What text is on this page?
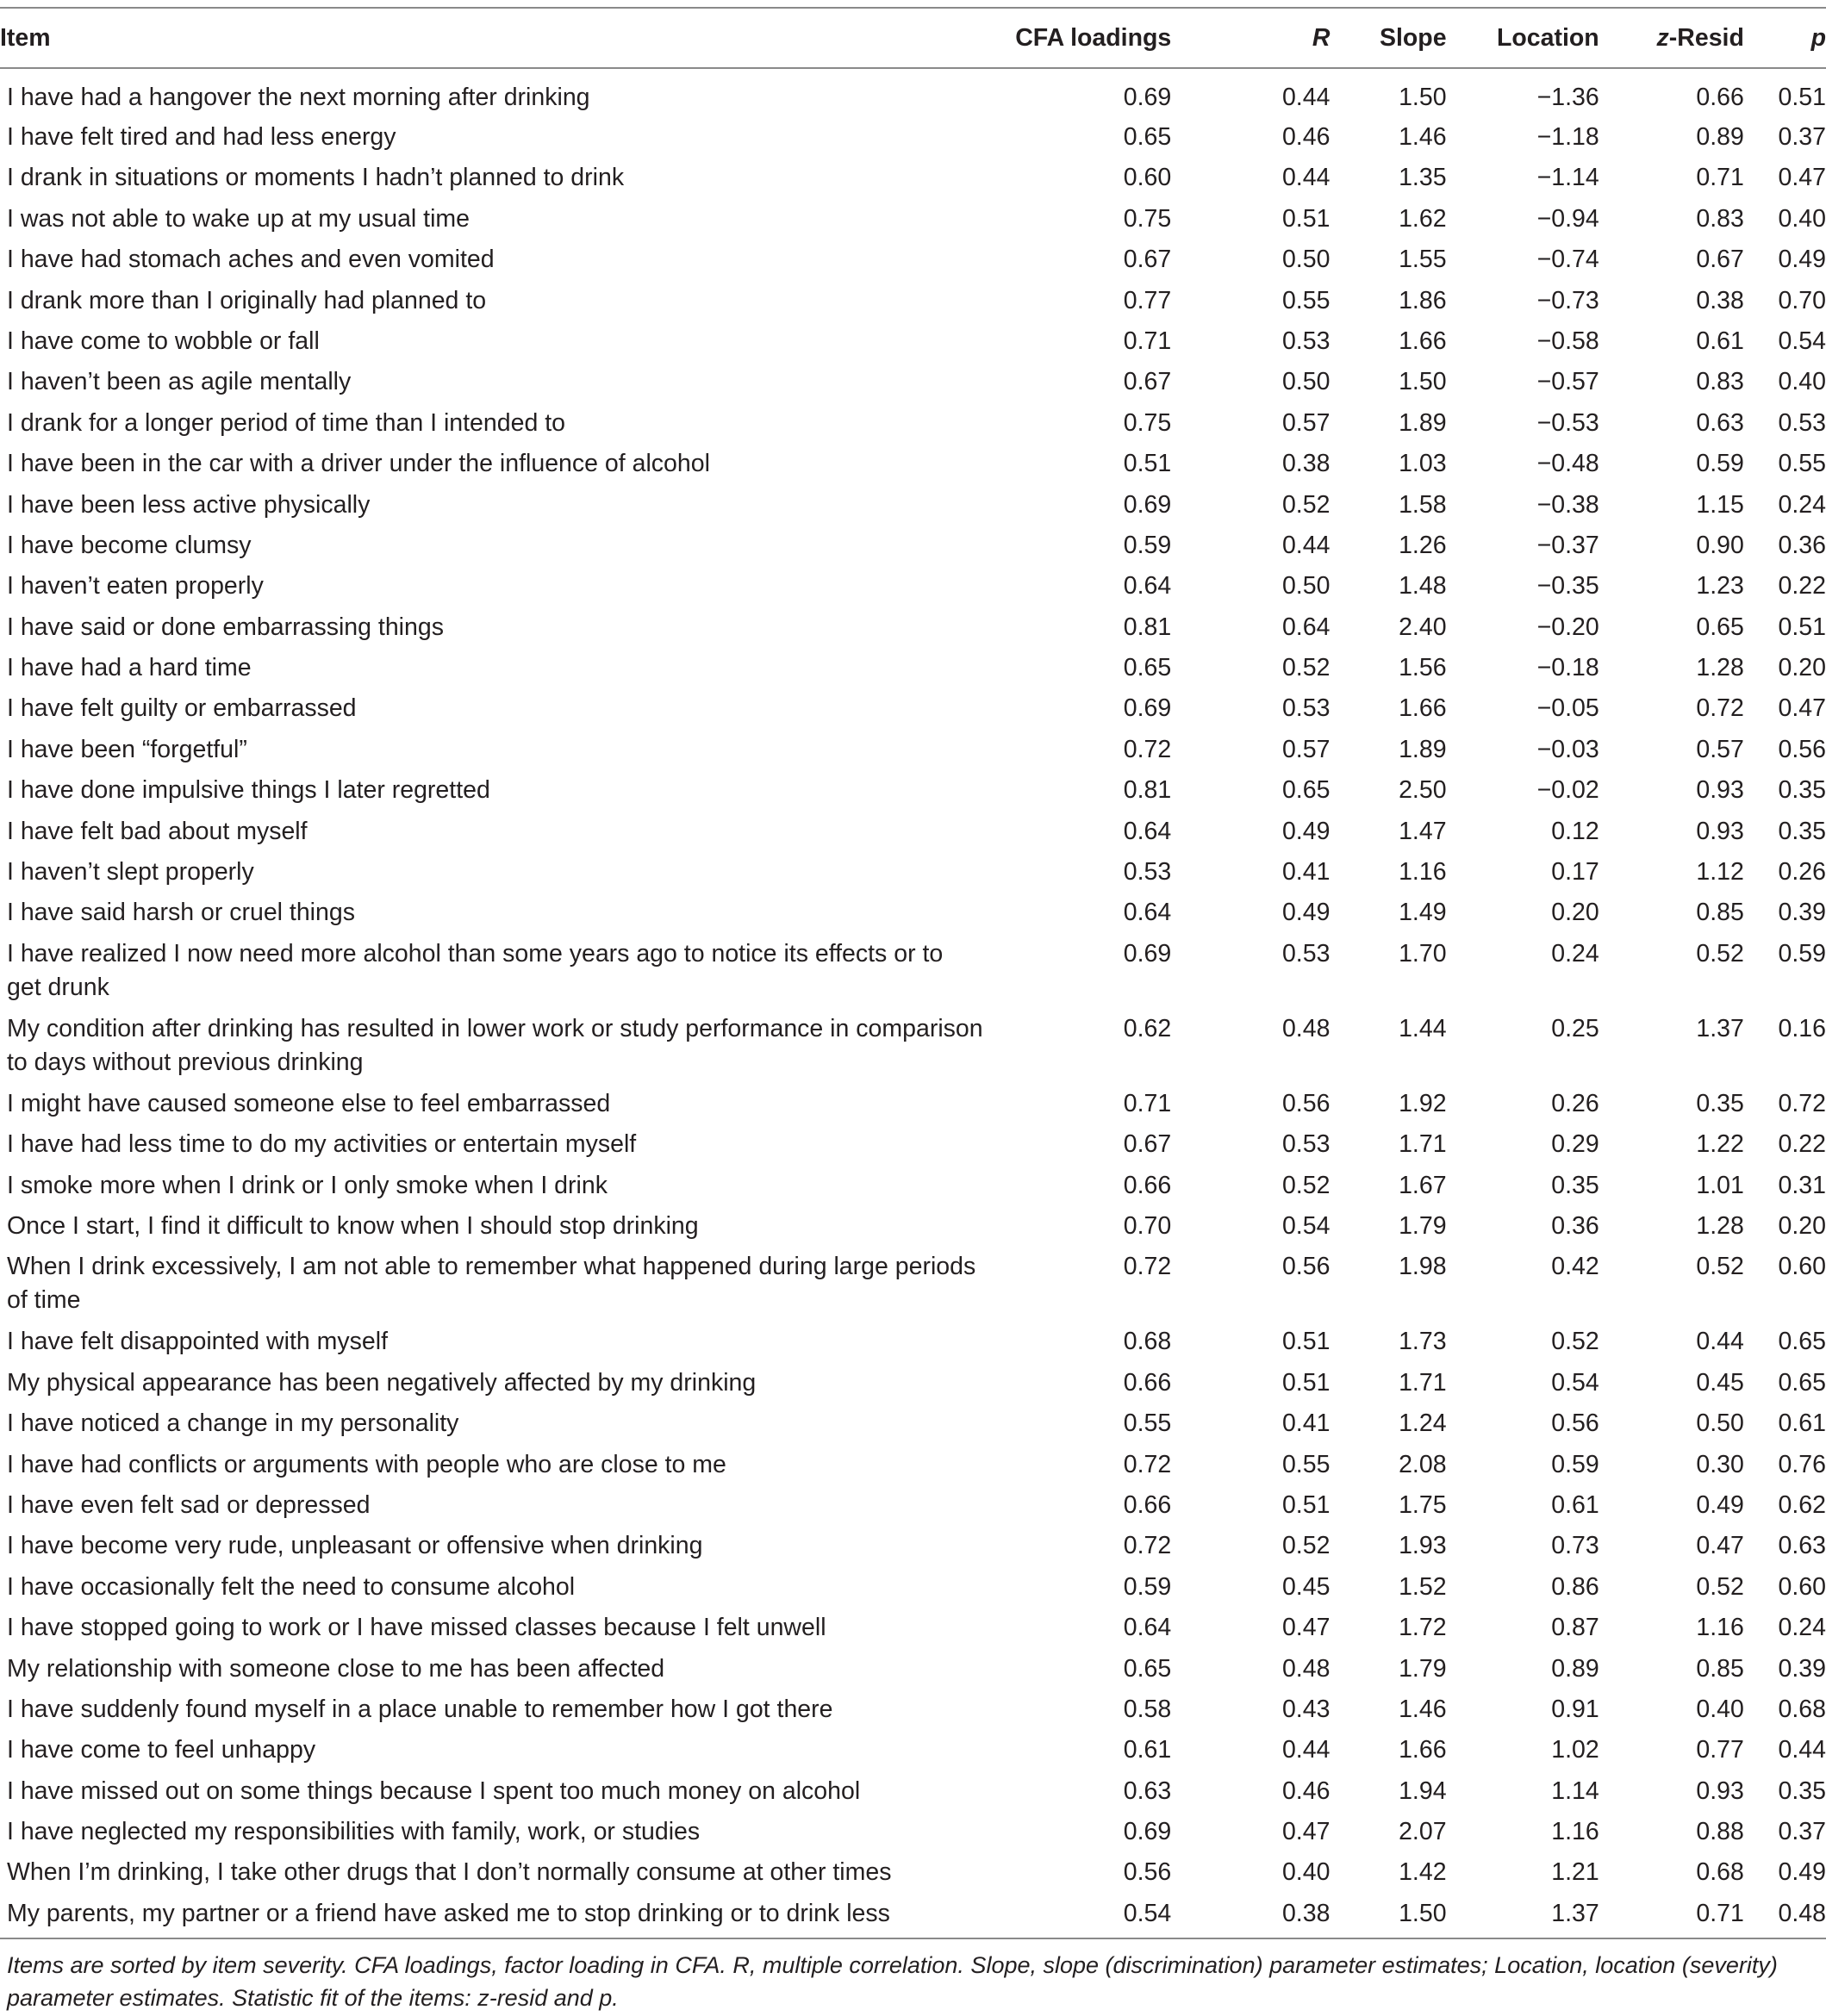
Item	CFA loadings	R	Slope	Location	z-Resid	p
I have had a hangover the next morning after drinking	0.69	0.44	1.50	−1.36	0.66	0.51
I have felt tired and had less energy	0.65	0.46	1.46	−1.18	0.89	0.37
I drank in situations or moments I hadn’t planned to drink	0.60	0.44	1.35	−1.14	0.71	0.47
I was not able to wake up at my usual time	0.75	0.51	1.62	−0.94	0.83	0.40
I have had stomach aches and even vomited	0.67	0.50	1.55	−0.74	0.67	0.49
I drank more than I originally had planned to	0.77	0.55	1.86	−0.73	0.38	0.70
I have come to wobble or fall	0.71	0.53	1.66	−0.58	0.61	0.54
I haven’t been as agile mentally	0.67	0.50	1.50	−0.57	0.83	0.40
I drank for a longer period of time than I intended to	0.75	0.57	1.89	−0.53	0.63	0.53
I have been in the car with a driver under the influence of alcohol	0.51	0.38	1.03	−0.48	0.59	0.55
I have been less active physically	0.69	0.52	1.58	−0.38	1.15	0.24
I have become clumsy	0.59	0.44	1.26	−0.37	0.90	0.36
I haven’t eaten properly	0.64	0.50	1.48	−0.35	1.23	0.22
I have said or done embarrassing things	0.81	0.64	2.40	−0.20	0.65	0.51
I have had a hard time	0.65	0.52	1.56	−0.18	1.28	0.20
I have felt guilty or embarrassed	0.69	0.53	1.66	−0.05	0.72	0.47
I have been “forgetful”	0.72	0.57	1.89	−0.03	0.57	0.56
I have done impulsive things I later regretted	0.81	0.65	2.50	−0.02	0.93	0.35
I have felt bad about myself	0.64	0.49	1.47	0.12	0.93	0.35
I haven’t slept properly	0.53	0.41	1.16	0.17	1.12	0.26
I have said harsh or cruel things	0.64	0.49	1.49	0.20	0.85	0.39
I have realized I now need more alcohol than some years ago to notice its effects or to get drunk	0.69	0.53	1.70	0.24	0.52	0.59
My condition after drinking has resulted in lower work or study performance in comparison to days without previous drinking	0.62	0.48	1.44	0.25	1.37	0.16
I might have caused someone else to feel embarrassed	0.71	0.56	1.92	0.26	0.35	0.72
I have had less time to do my activities or entertain myself	0.67	0.53	1.71	0.29	1.22	0.22
I smoke more when I drink or I only smoke when I drink	0.66	0.52	1.67	0.35	1.01	0.31
Once I start, I find it difficult to know when I should stop drinking	0.70	0.54	1.79	0.36	1.28	0.20
When I drink excessively, I am not able to remember what happened during large periods of time	0.72	0.56	1.98	0.42	0.52	0.60
I have felt disappointed with myself	0.68	0.51	1.73	0.52	0.44	0.65
My physical appearance has been negatively affected by my drinking	0.66	0.51	1.71	0.54	0.45	0.65
I have noticed a change in my personality	0.55	0.41	1.24	0.56	0.50	0.61
I have had conflicts or arguments with people who are close to me	0.72	0.55	2.08	0.59	0.30	0.76
I have even felt sad or depressed	0.66	0.51	1.75	0.61	0.49	0.62
I have become very rude, unpleasant or offensive when drinking	0.72	0.52	1.93	0.73	0.47	0.63
I have occasionally felt the need to consume alcohol	0.59	0.45	1.52	0.86	0.52	0.60
I have stopped going to work or I have missed classes because I felt unwell	0.64	0.47	1.72	0.87	1.16	0.24
My relationship with someone close to me has been affected	0.65	0.48	1.79	0.89	0.85	0.39
I have suddenly found myself in a place unable to remember how I got there	0.58	0.43	1.46	0.91	0.40	0.68
I have come to feel unhappy	0.61	0.44	1.66	1.02	0.77	0.44
I have missed out on some things because I spent too much money on alcohol	0.63	0.46	1.94	1.14	0.93	0.35
I have neglected my responsibilities with family, work, or studies	0.69	0.47	2.07	1.16	0.88	0.37
When I’m drinking, I take other drugs that I don’t normally consume at other times	0.56	0.40	1.42	1.21	0.68	0.49
My parents, my partner or a friend have asked me to stop drinking or to drink less	0.54	0.38	1.50	1.37	0.71	0.48
Items are sorted by item severity. CFA loadings, factor loading in CFA. R, multiple correlation. Slope, slope (discrimination) parameter estimates; Location, location (severity) parameter estimates. Statistic fit of the items: z-resid and p.
